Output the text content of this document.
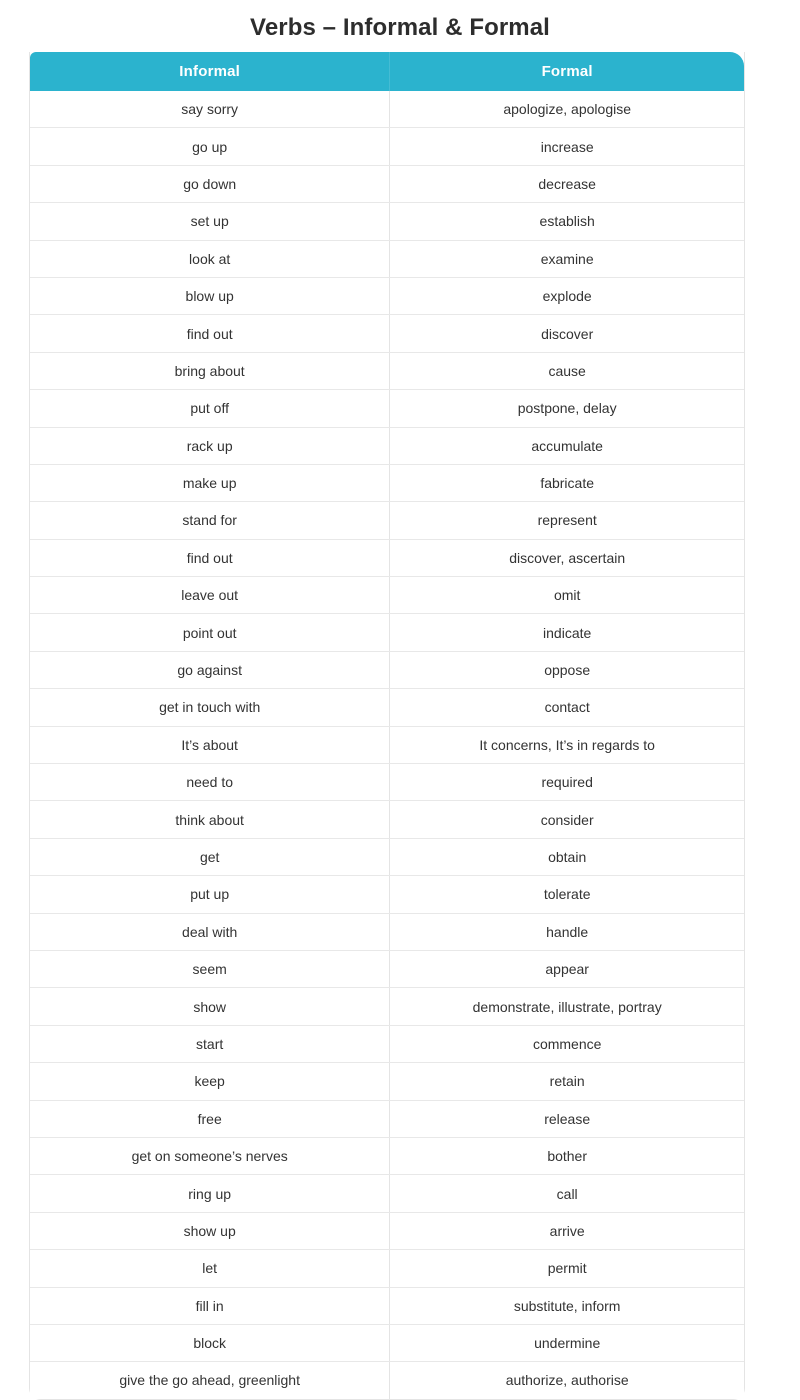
Verbs – Informal & Formal
Informal	Formal
say sorry	apologize, apologise
go up	increase
go down	decrease
set up	establish
look at	examine
blow up	explode
find out	discover
bring about	cause
put off	postpone, delay
rack up	accumulate
make up	fabricate
stand for	represent
find out	discover, ascertain
leave out	omit
point out	indicate
go against	oppose
get in touch with	contact
It’s about	It concerns, It’s in regards to
need to	required
think about	consider
get	obtain
put up	tolerate
deal with	handle
seem	appear
show	demonstrate, illustrate, portray
start	commence
keep	retain
free	release
get on someone’s nerves	bother
ring up	call
show up	arrive
let	permit
fill in	substitute, inform
block	undermine
give the go ahead, greenlight	authorize, authorise
